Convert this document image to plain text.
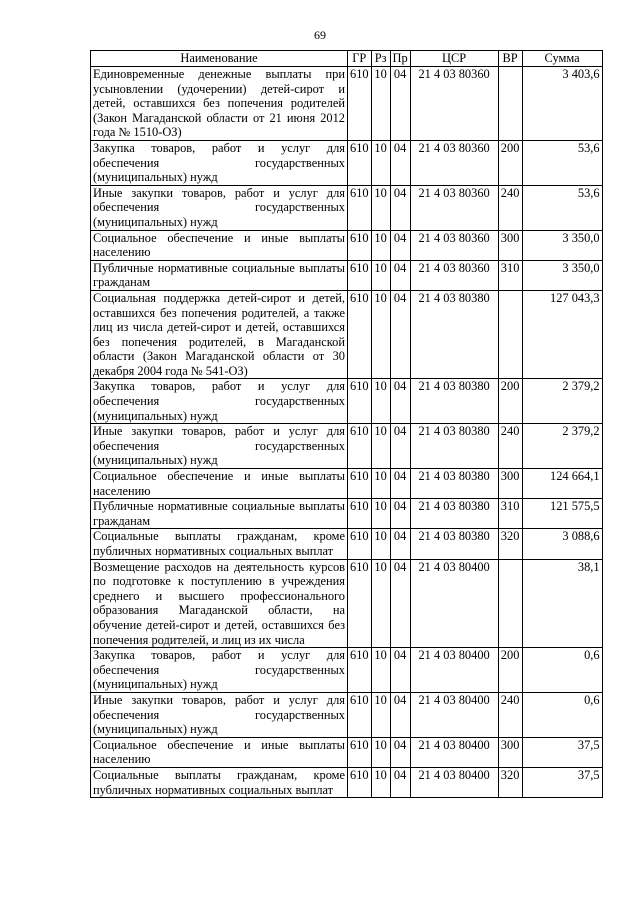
69
Наименование	ГР	Рз	Пр	ЦСР	ВР	Сумма
Единовременные денежные выплаты при усыновлении (удочерении) детей-сирот и детей, оставшихся без попечения родителей (Закон Магаданской области от 21 июня 2012 года № 1510-ОЗ)	610	10	04	21 4 03 80360		3 403,6
Закупка товаров, работ и услуг для обеспечения государственных (муниципальных) нужд	610	10	04	21 4 03 80360	200	53,6
Иные закупки товаров, работ и услуг для обеспечения государственных (муниципальных) нужд	610	10	04	21 4 03 80360	240	53,6
Социальное обеспечение и иные выплаты населению	610	10	04	21 4 03 80360	300	3 350,0
Публичные нормативные социальные выплаты гражданам	610	10	04	21 4 03 80360	310	3 350,0
Социальная поддержка детей-сирот и детей, оставшихся без попечения родителей, а также лиц из числа детей-сирот и детей, оставшихся без попечения родителей, в Магаданской области (Закон Магаданской области от 30 декабря 2004 года № 541-ОЗ)	610	10	04	21 4 03 80380		127 043,3
Закупка товаров, работ и услуг для обеспечения государственных (муниципальных) нужд	610	10	04	21 4 03 80380	200	2 379,2
Иные закупки товаров, работ и услуг для обеспечения государственных (муниципальных) нужд	610	10	04	21 4 03 80380	240	2 379,2
Социальное обеспечение и иные выплаты населению	610	10	04	21 4 03 80380	300	124 664,1
Публичные нормативные социальные выплаты гражданам	610	10	04	21 4 03 80380	310	121 575,5
Социальные выплаты гражданам, кроме публичных нормативных социальных выплат	610	10	04	21 4 03 80380	320	3 088,6
Возмещение расходов на деятельность курсов по подготовке к поступлению в учреждения среднего и высшего профессионального образования Магаданской области, на обучение детей-сирот и детей, оставшихся без попечения родителей, и лиц из их числа	610	10	04	21 4 03 80400		38,1
Закупка товаров, работ и услуг для обеспечения государственных (муниципальных) нужд	610	10	04	21 4 03 80400	200	0,6
Иные закупки товаров, работ и услуг для обеспечения государственных (муниципальных) нужд	610	10	04	21 4 03 80400	240	0,6
Социальное обеспечение и иные выплаты населению	610	10	04	21 4 03 80400	300	37,5
Социальные выплаты гражданам, кроме публичных нормативных социальных выплат	610	10	04	21 4 03 80400	320	37,5
